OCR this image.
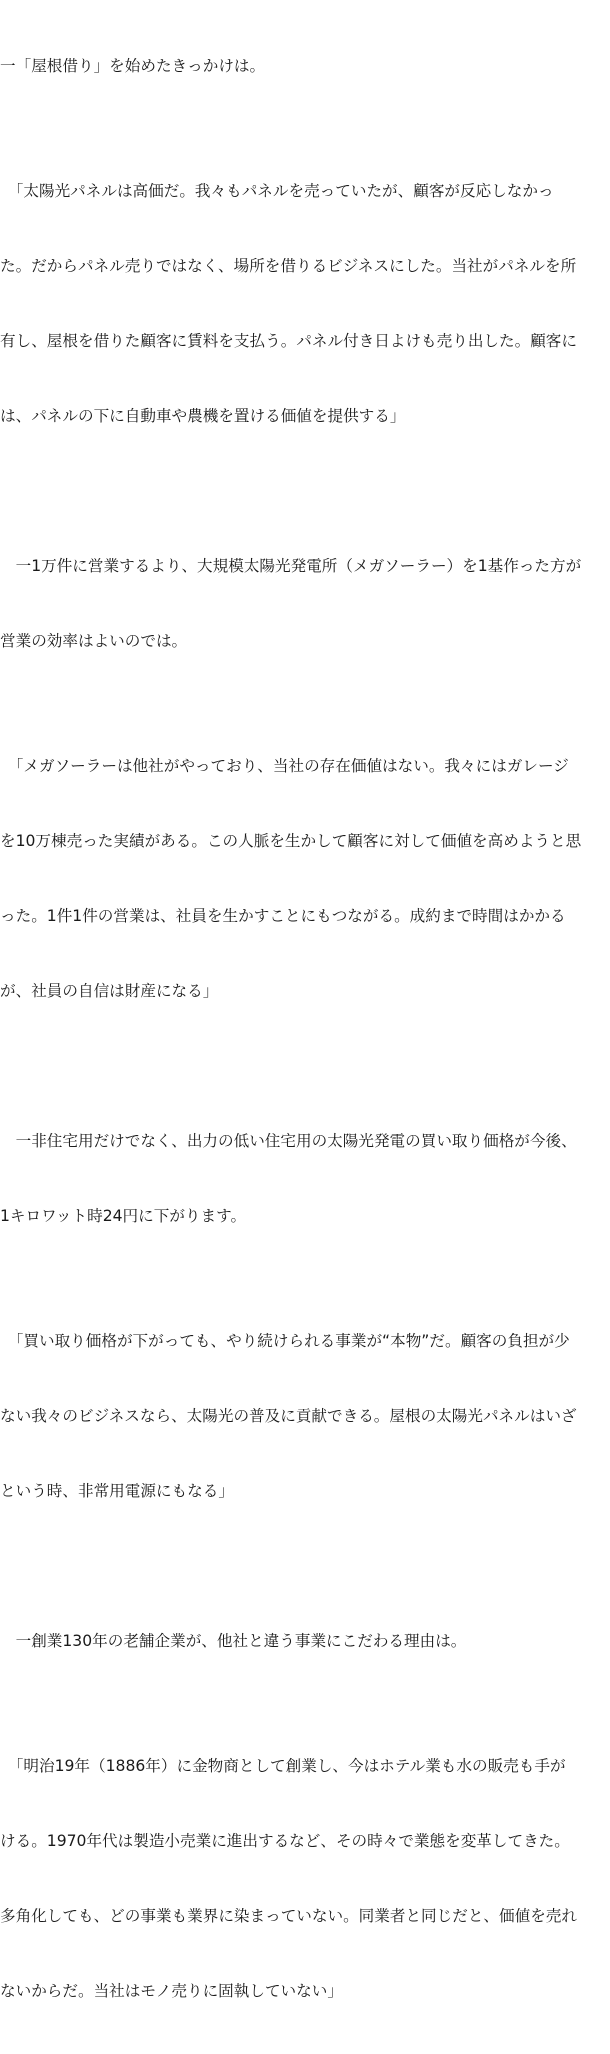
一「屋根借り」を始めたきっかけは。

　「太陽光パネルは高価だ。我々もパネルを売っていたが、顧客が反応しなかっ

た。だからパネル売りではなく、場所を借りるビジネスにした。当社がパネルを所

有し、屋根を借りた顧客に賃料を支払う。パネル付き日よけも売り出した。顧客に

は、パネルの下に自動車や農機を置ける価値を提供する」

　一1万件に営業するより、大規模太陽光発電所（メガソーラー）を1基作った方が

営業の効率はよいのでは。

　「メガソーラーは他社がやっており、当社の存在価値はない。我々にはガレージ

を10万棟売った実績がある。この人脈を生かして顧客に対して価値を高めようと思

った。1件1件の営業は、社員を生かすことにもつながる。成約まで時間はかかる

が、社員の自信は財産になる」

　一非住宅用だけでなく、出力の低い住宅用の太陽光発電の買い取り価格が今後、

1キロワット時24円に下がります。

　「買い取り価格が下がっても、やり続けられる事業が“本物”だ。顧客の負担が少

ない我々のビジネスなら、太陽光の普及に貢献できる。屋根の太陽光パネルはいざ

という時、非常用電源にもなる」

　一創業130年の老舗企業が、他社と違う事業にこだわる理由は。

　「明治19年（1886年）に金物商として創業し、今はホテル業も水の販売も手が

ける。1970年代は製造小売業に進出するなど、その時々で業態を変革してきた。

多角化しても、どの事業も業界に染まっていない。同業者と同じだと、価値を売れ

ないからだ。当社はモノ売りに固執していない」
